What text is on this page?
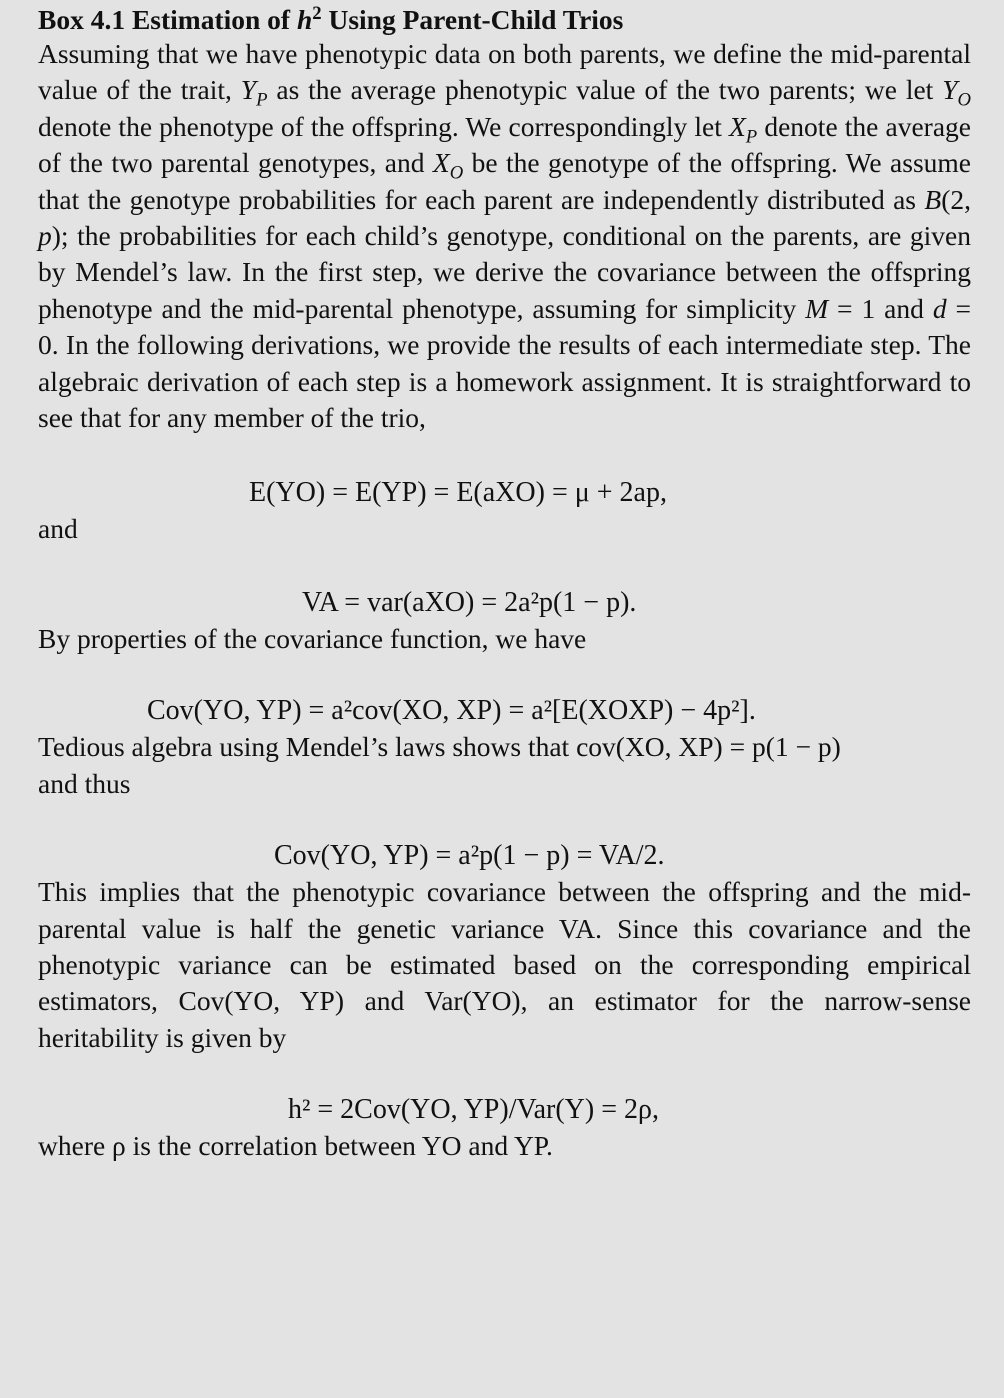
Box 4.1 Estimation of $h^2$ Using Parent-Child Trios

Assuming that we have phenotypic data on both parents, we define the mid-parental value of the trait, $Y_P$ as the average phenotypic value of the two parents; we let $Y_O$ denote the phenotype of the offspring. We correspondingly let $X_P$ denote the average of the two parental genotypes, and $X_O$ be the genotype of the offspring. We assume that the genotype probabilities for each parent are independently distributed as B(2, p); the probabilities for each child’s genotype, conditional on the parents, are given by Mendel’s law. In the first step, we derive the covariance between the offspring phenotype and the mid-parental phenotype, assuming for simplicity M = 1 and d = 0. In the following derivations, we provide the results of each intermediate step. The algebraic derivation of each step is a homework assignment. It is straightforward to see that for any member of the trio,

E(YO) = E(YP) = E(aXO) = μ + 2ap,

and

VA = var(aXO) = 2a²p(1 − p).

By properties of the covariance function, we have

Cov(YO, YP) = a²cov(XO, XP) = a²[E(XOXP) − 4p²].

Tedious algebra using Mendel’s laws shows that cov(XO, XP) = p(1 − p)
and thus

Cov(YO, YP) = a²p(1 − p) = VA/2.

This implies that the phenotypic covariance between the offspring and the mid-parental value is half the genetic variance VA. Since this covariance and the phenotypic variance can be estimated based on the corresponding empirical estimators, Cov(YO, YP) and Var(YO), an estimator for the narrow-sense heritability is given by

h² = 2Cov(YO, YP)/Var(Y) = 2ρ,

where ρ is the correlation between YO and YP.
